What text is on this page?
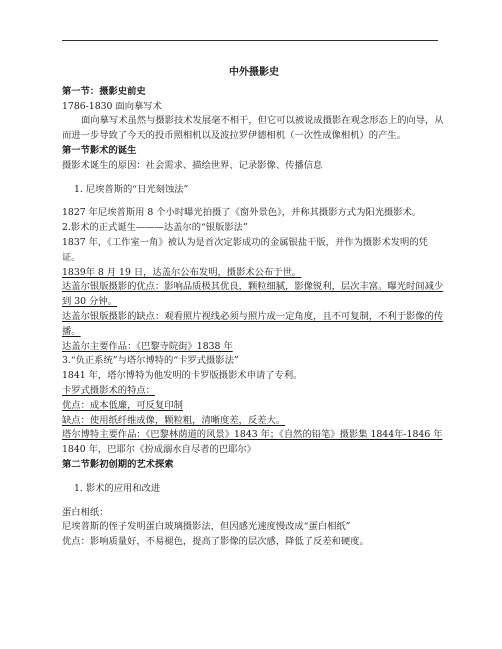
中外摄影史

第一节：摄影史前史

1786-1830 面向摹写术

面向摹写术虽然与摄影技术发展毫不相干，但它可以被说成摄影在观念形态上的向导，从而进一步导致了今天的投币照相机以及波拉罗伊德相机（一次性成像相机）的产生。

第一节影术的诞生

摄影术诞生的原因：社会需求、描绘世界、记录影像、传播信息

1. 尼埃普斯的“日光刻蚀法”

1827 年尼埃普斯用 8 个小时曝光拍摄了《窗外景色》，并称其摄影方式为阳光摄影术。

2.影术的正式诞生———达盖尔的“银版影法”

1837 年，《工作室一角》被认为是首次定影成功的金属银盐干版，并作为摄影术发明的凭证。

1839年 8 月 19 日，达盖尔公布发明，摄影术公布于世。

达盖尔银版摄影的优点：影响品质极其优良，颗粒细腻，影像锐利，层次丰富。曝光时间减少到 30 分钟。

达盖尔银版摄影的缺点：观看照片视线必须与照片成一定角度，且不可复制，不利于影像的传播。

达盖尔主要作品：《巴黎寺院街》1838 年

3.“负正系统”与塔尔博特的“卡罗式摄影法”

1841 年，塔尔博特为他发明的卡罗版摄影术申请了专利。

卡罗式摄影术的特点：

优点：成本低廉，可反复印制

缺点：使用纸纤维成像，颗粒粗，清晰度差，反差大。

塔尔博特主要作品：《巴黎林荫道的风景》1843 年；《自然的铅笔》摄影集 1844年-1846 年

1840 年，巴耶尔《扮成溺水自尽者的巴耶尔》

第二节影初创期的艺术探索

1. 影术的应用和改进

蛋白相纸：

尼埃普斯的侄子发明蛋白玻璃摄影法，但因感光速度慢改成“蛋白相纸”

优点：影响质量好，不易褪色，提高了影像的层次感，降低了反差和硬度。
